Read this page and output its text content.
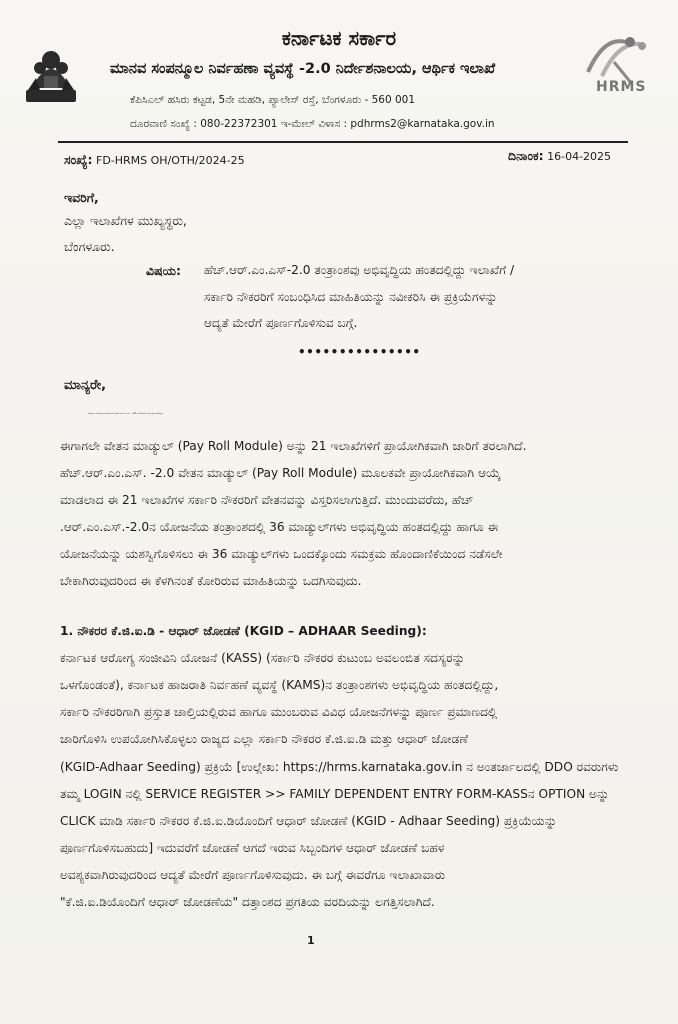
HRMS
ಕರ್ನಾಟಕ ಸರ್ಕಾರ
ಮಾನವ ಸಂಪನ್ಮೂಲ ನಿರ್ವಹಣಾ ವ್ಯವಸ್ಥೆ -2.0 ನಿರ್ದೇಶನಾಲಯ, ಆರ್ಥಿಕ ಇಲಾಖೆ
ಕೆಪಿಸಿಎಲ್ ಹಸಿರು ಕಟ್ಟಡ, 5ನೇ ಮಹಡಿ, ಪ್ಯಾಲೇಸ್ ರಸ್ತೆ, ಬೆಂಗಳೂರು - 560 001
ದೂರವಾಣಿ ಸಂಖ್ಯೆ : 080-22372301 ಇ-ಮೇಲ್ ವಿಳಾಸ : pdhrms2@karnataka.gov.in
ಸಂಖ್ಯೆ: FD-HRMS OH/OTH/2024-25	ದಿನಾಂಕ: 16-04-2025
ಇವರಿಗೆ,
ಎಲ್ಲಾ ಇಲಾಖೆಗಳ ಮುಖ್ಯಸ್ಥರು,
ಬೆಂಗಳೂರು.
ವಿಷಯ: ಹೆಚ್.ಆರ್.ಎಂ.ಎಸ್-2.0 ತಂತ್ರಾಂಶವು ಅಭಿವೃದ್ಧಿಯ ಹಂತದಲ್ಲಿದ್ದು ಇಲಾಖೆಗೆ /
ಸರ್ಕಾರಿ ನೌಕರರಿಗೆ ಸಂಬಂಧಿಸಿದ ಮಾಹಿತಿಯನ್ನು ನವೀಕರಿಸಿ ಈ ಪ್ರಕ್ರಿಯೆಗಳನ್ನು
ಆದ್ಯತೆ ಮೇರೆಗೆ ಪೂರ್ಣಗೊಳಿಸುವ ಬಗ್ಗೆ.
•••••••••••••••
ಮಾನ್ಯರೇ,
ಮೇಲ್ಕಂಡ ವಿಷಯಕ್ಕೆ ಸಂಬಂಧಿಸಿದಂತೆ, ಹೆಚ್.ಆರ್.ಎಂ.ಎಸ್. - 2.0 ಯೋಜನೆಯು ಅಭಿವೃದ್ಧಿ ಹಂತದಲ್ಲಿದ್ದು
ಈಗಾಗಲೇ ವೇತನ ಮಾಡ್ಯುಲ್ (Pay Roll Module) ಅನ್ನು 21 ಇಲಾಖೆಗಳಿಗೆ ಪ್ರಾಯೋಗಿಕವಾಗಿ ಜಾರಿಗೆ ತರಲಾಗಿದೆ.
ಹೆಚ್.ಆರ್.ಎಂ.ಎಸ್. -2.0 ವೇತನ ಮಾಡ್ಯುಲ್ (Pay Roll Module) ಮೂಲಕವೇ ಪ್ರಾಯೋಗಿಕವಾಗಿ ಆಯ್ಕೆ
ಮಾಡಲಾದ ಈ 21 ಇಲಾಖೆಗಳ ಸರ್ಕಾರಿ ನೌಕರರಿಗೆ ವೇತನವನ್ನು ವಿಸ್ತರಿಸಲಾಗುತ್ತಿದೆ. ಮುಂದುವರೆದು, ಹೆಚ್
.ಆರ್.ಎಂ.ಎಸ್.-2.0ನ ಯೋಜನೆಯ ತಂತ್ರಾಂಶದಲ್ಲಿ 36 ಮಾಡ್ಯುಲ್‌ಗಳು ಅಭಿವೃದ್ಧಿಯ ಹಂತದಲ್ಲಿದ್ದು ಹಾಗೂ ಈ
ಯೋಜನೆಯನ್ನು ಯಶಸ್ವಿಗೊಳಿಸಲು ಈ 36 ಮಾಡ್ಯುಲ್‌ಗಳು ಒಂದಕ್ಕೊಂದು ಸಮಕ್ರಮ ಹೊಂದಾಣಿಕೆಯಿಂದ ನಡೆಸಲೇ
ಬೇಕಾಗಿರುವುದರಿಂದ ಈ ಕೆಳಗಿನಂತೆ ಕೋರಿರುವ ಮಾಹಿತಿಯನ್ನು ಒದಗಿಸುವುದು.
1. ನೌಕರರ ಕೆ.ಜಿ.ಐ.ಡಿ - ಆಧಾರ್ ಜೋಡಣೆ (KGID – ADHAAR Seeding):
ಕರ್ನಾಟಕ ಆರೋಗ್ಯ ಸಂಜೀವಿನಿ ಯೋಜನೆ (KASS) (ಸರ್ಕಾರಿ ನೌಕರರ ಕುಟುಂಬ ಅವಲಂಬಿತ ಸದಸ್ಯರನ್ನು
ಒಳಗೊಂಡಂತೆ), ಕರ್ನಾಟಕ ಹಾಜರಾತಿ ನಿರ್ವಹಣೆ ವ್ಯವಸ್ಥೆ (KAMS)ನ ತಂತ್ರಾಂಶಗಳು ಅಭಿವೃದ್ಧಿಯ ಹಂತದಲ್ಲಿದ್ದು,
ಸರ್ಕಾರಿ ನೌಕರರಿಗಾಗಿ ಪ್ರಸ್ತುತ ಚಾಲ್ತಿಯಲ್ಲಿರುವ ಹಾಗೂ ಮುಂಬರುವ ವಿವಿಧ ಯೋಜನೆಗಳನ್ನು ಪೂರ್ಣ ಪ್ರಮಾಣದಲ್ಲಿ
ಜಾರಿಗೊಳಿಸಿ ಉಪಯೋಗಿಸಿಕೊಳ್ಳಲು ರಾಜ್ಯದ ಎಲ್ಲಾ ಸರ್ಕಾರಿ ನೌಕರರ ಕೆ.ಜಿ.ಐ.ಡಿ ಮತ್ತು ಆಧಾರ್ ಜೋಡಣೆ
(KGID-Adhaar Seeding) ಪ್ರಕ್ರಿಯೆ [ಉಲ್ಲೇಖ: https://hrms.karnataka.gov.in ನ ಅಂತರ್ಜಾಲದಲ್ಲಿ DDO ರವರುಗಳು
ತಮ್ಮ LOGIN ನಲ್ಲಿ SERVICE REGISTER >> FAMILY DEPENDENT ENTRY FORM-KASSನ OPTION ಅನ್ನು
CLICK ಮಾಡಿ ಸರ್ಕಾರಿ ನೌಕರರ ಕೆ.ಜಿ.ಐ.ಡಿಯೊಂದಿಗೆ ಆಧಾರ್ ಜೋಡಣೆ (KGID - Adhaar Seeding) ಪ್ರಕ್ರಿಯೆಯನ್ನು
ಪೂರ್ಣಗೊಳಿಸಬಹುದು] ಇದುವರೆಗೆ ಜೋಡಣೆ ಆಗದೆ ಇರುವ ಸಿಬ್ಬಂದಿಗಳ ಆಧಾರ್ ಜೋಡಣೆ ಬಹಳ
ಅವಶ್ಯಕವಾಗಿರುವುದರಿಂದ ಆದ್ಯತೆ ಮೇರೆಗೆ ಪೂರ್ಣಗೊಳಿಸುವುದು. ಈ ಬಗ್ಗೆ ಈವರೆಗೂ ಇಲಾಖಾವಾರು
"ಕೆ.ಜಿ.ಐ.ಡಿಯೊಂದಿಗೆ ಆಧಾರ್ ಜೋಡಣೆಯ" ದತ್ತಾಂಶದ ಪ್ರಗತಿಯ ವರದಿಯನ್ನು ಲಗತ್ತಿಸಲಾಗಿದೆ.
1
